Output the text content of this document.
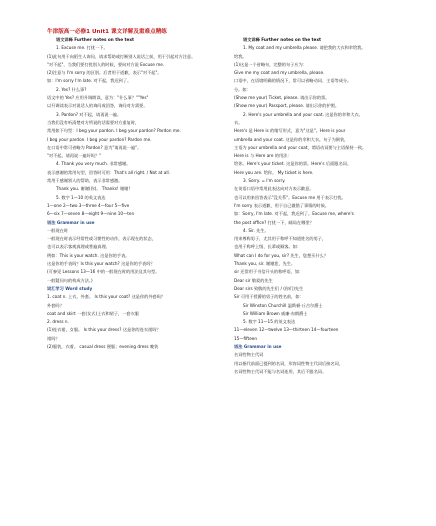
牛津版高一必修1 Unit1 课文详解及重难点精练
语文详释 Further notes on the text
1. Excuse me. 打扰一下。
(1)此句用于向陌生人询问、请求帮助或打断别人说话之前，用于引起对方注意。
"对不起"，当我们要打扰别人的时候，要向对方说 Excuse me.
(2)注意与 I'm sorry 的区别。后者用于道歉，表示"对不起"。
如：I'm sorry I'm late. 对不起，我迟到了。
2. Yes? 什么事?
语文中的 Yes? 应用升调朗读，意为："什么事？""Yes"
以升调读表示对说话人的询问或回答，询问对方需要。
3. Pardon? 对不起，请再说一遍。
当我们没有听清楚对方所说的话需要对方重复时，
常用如下句型：I beg your pardon. I beg your pardon? Pardon me.
I beg your pardon. I beg your pardon? Pardon me.
在口语中常可省略为 Pardon? 意为"请再说一遍"。
"对不起，请再说一遍好吗？"
4. Thank you very much. 非常感谢。
表示感谢的常用句型，回答时可用：That's all right. / Not at all.
常用于感谢别人的帮助，表示非常感激。
Thank you. 谢谢(你)。 Thanks! 谢谢!
5. 数字 1—10 的英文表达
1—one 2—two 3—three 4—four 5—five
6—six 7—seven 8—eight 9—nine 10—ten
语法 Grammar in use
一般现在时
一般现在时表示经常性或习惯性的动作，表示现在的状态，
也可以表示客观真理或普遍真理。
例如：This is your watch. 这是你的手表。
这是你的手表吗？Is this your watch? 这是你的手表吗？
(可参见 Lessons 13—16 中的一般现在时的用法及其句型。
一般疑问句的构成方法。)
词汇学习 Word study
1. coat n. 上衣，外套。 Is this your coat? 这是你的外套吗？
外套吗？
coat and skirt 一套(女式)上衣和裙子，一套衣服
2. dress n.
(1)连衣裙，女服。 Is this your dress? 这是你的连衣裙吗？
裙吗？
(2)服装，衣着。 casual dress 便服；evening dress 晚装
语文详释 Further notes on the text
1. My coat and my umbrella please. 请把我的大衣和伞给我。
给我。
(1)这是一个省略句，完整的句子应为：
Give me my coat and my umbrella, please.
口语中，在语境明确的情况下，常可以省略动词、主语等成分。
分。如：
(Show me your) Ticket, please. 请出示你的票。
(Show me your) Passport, please. 请出示你的护照。
2. Here's your umbrella and your coat. 这是你的伞和大衣。
衣。
Here's 是 Here is 的缩写形式，意为"这是"。Here is your
umbrella and your coat. 这是你的伞和大衣。句子为倒装，
主语为 your umbrella and your coat，谓语动词要与主语保持一致。
Here is 与 Here are 的用法：
给你。Here's your ticket. 这是你的票。Here's 后面跟名词。
Here you are. 给你。 My ticket is here.
3. Sorry. = I'm sorry.
在英语口语中常用此表达向对方表示歉意。
也可以用来回答表示"没关系"。Excuse me 用于表示打扰。
I'm sorry 表示道歉，用于自己做错了事情的时候。
如：Sorry, I'm late. 对不起，我迟到了。Excuse me, where's
the post office? 打扰一下，邮局在哪里？
4. Sir. 先生。
用来尊称男子，尤其用于称呼不知道姓名的男子，
也用于称呼上级、长辈或顾客。如：
What can I do for you, sir? 先生，您想买什么？
Thank you, sir. 谢谢您，先生。
sir 还常用于书信开头的称呼语，如：
Dear sir 敬爱的先生
Dear sirs 致敬的先生们 / (你们)先生
Sir 可用于授爵的男子的姓名前，如：
Sir Winston Churchill 温斯顿·丘吉尔爵士
Sir William Brown 威廉·布朗爵士
5. 数字 11—15 的英文表达
11—eleven 12—twelve 13—thirteen 14—fourteen
15—fifteen
语法 Grammar in use
名词性物主代词
用以指代前面已提到的名词，形容词性物主代词后接名词，
名词性物主代词不能与名词连用，其后不跟名词。
